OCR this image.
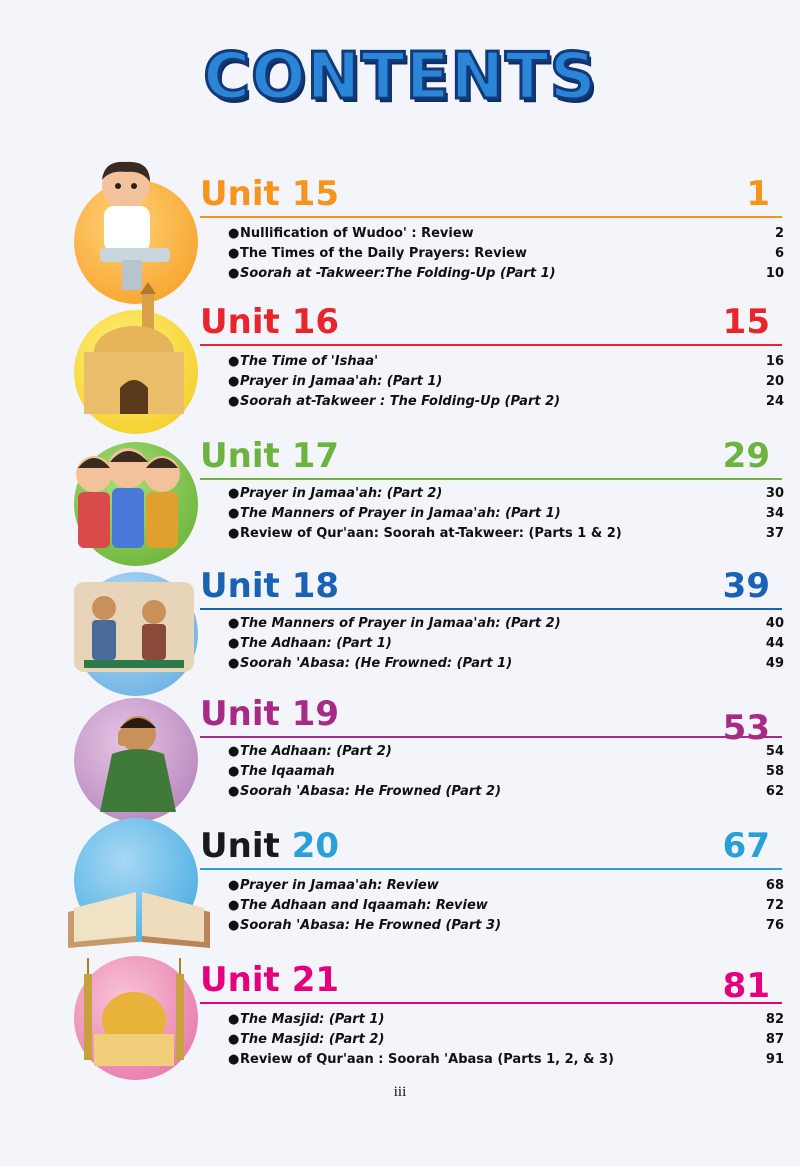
CONTENTS
Unit 15	1
●Nullification of Wudoo' : Review	2
●The Times of the Daily Prayers: Review	6
●Soorah at -Takweer:The Folding-Up (Part 1)	10
Unit 16	15
●The Time of 'Ishaa'	16
●Prayer in Jamaa'ah: (Part 1)	20
●Soorah at-Takweer : The Folding-Up (Part 2)	24
Unit 17	29
●Prayer in Jamaa'ah: (Part 2)	30
●The Manners of Prayer in Jamaa'ah: (Part 1)	34
●Review of Qur'aan: Soorah at-Takweer: (Parts 1 & 2)	37
Unit 18	39
●The Manners of Prayer in Jamaa'ah: (Part 2)	40
●The Adhaan: (Part 1)	44
●Soorah 'Abasa: (He Frowned: (Part 1)	49
Unit 19	53
●The Adhaan: (Part 2)	54
●The Iqaamah	58
●Soorah 'Abasa: He Frowned (Part 2)	62
Unit 20	67
●Prayer in Jamaa'ah: Review	68
●The Adhaan and Iqaamah: Review	72
●Soorah 'Abasa: He Frowned (Part 3)	76
Unit 21	81
●The Masjid: (Part 1)	82
●The Masjid: (Part 2)	87
●Review of Qur'aan : Soorah 'Abasa (Parts 1, 2, & 3)	91
iii
